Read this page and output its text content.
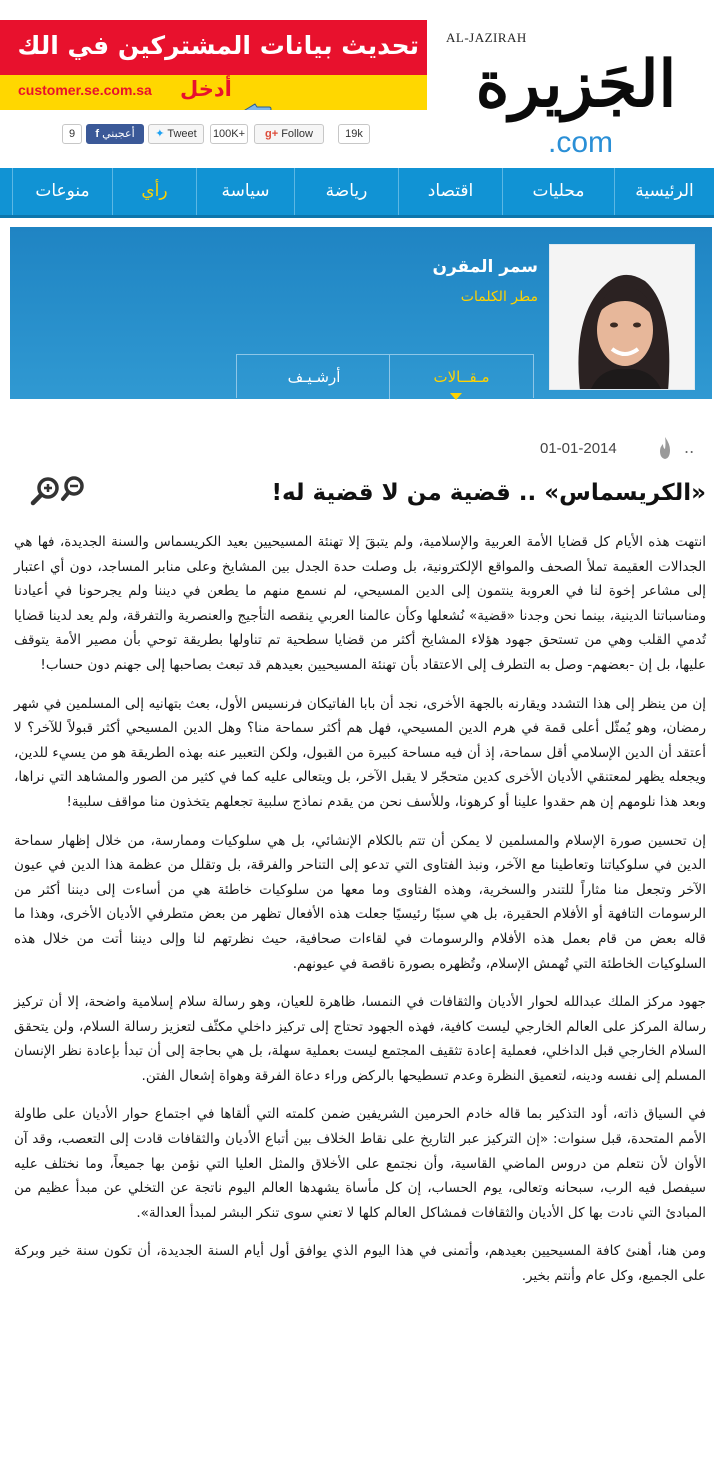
تحديث بيانات المشتركين في الك
customer.se.com.sa أدخل
AL-JAZIRAH
الجَزيرة
.com
9	f أعجبني	✦ Tweet	100K+	g+ Follow	19k
الرئيسية
محليات
اقتصاد
رياضة
سياسة
رأي
منوعات
سمر المقرن
مطر الكلمات
مـقــالات
أرشـيـف
01-01-2014	..
«الكريسماس» .. قضية من لا قضية له!

انتهت هذه الأيام كل قضايا الأمة العربية والإسلامية، ولم يتبقَ إلا تهنئة المسيحيين بعيد الكريسماس والسنة الجديدة، فها هي الجدالات العقيمة تملأ الصحف والمواقع الإلكترونية، بل وصلت حدة الجدل بين المشايخ وعلى منابر المساجد، دون أي اعتبار إلى مشاعر إخوة لنا في العروبة ينتمون إلى الدين المسيحي، لم نسمع منهم ما يطعن في ديننا ولم يجرحونا في أعيادنا ومناسباتنا الدينية، بينما نحن وجدنا «قضية» نُشعلها وكأن عالمنا العربي ينقصه التأجيج والعنصرية والتفرقة، ولم يعد لدينا قضايا تُدمي القلب وهي من تستحق جهود هؤلاء المشايخ أكثر من قضايا سطحية تم تناولها بطريقة توحي بأن مصير الأمة يتوقف عليها، بل إن -بعضهم- وصل به التطرف إلى الاعتقاد بأن تهنئة المسيحيين بعيدهم قد تبعث بصاحبها إلى جهنم دون حساب!

إن من ينظر إلى هذا التشدد ويقارنه بالجهة الأخرى، نجد أن بابا الفاتيكان فرنسيس الأول، بعث بتهانيه إلى المسلمين في شهر رمضان، وهو يُمثّل أعلى قمة في هرم الدين المسيحي، فهل هم أكثر سماحة منا؟ وهل الدين المسيحي أكثر قبولاً للآخر؟ لا أعتقد أن الدين الإسلامي أقل سماحة، إذ أن فيه مساحة كبيرة من القبول، ولكن التعبير عنه بهذه الطريقة هو من يسيء للدين، ويجعله يظهر لمعتنقي الأديان الأخرى كدين متحجّر لا يقبل الآخر، بل ويتعالى عليه كما في كثير من الصور والمشاهد التي نراها، وبعد هذا نلومهم إن هم حقدوا علينا أو كرهونا، وللأسف نحن من يقدم نماذج سلبية تجعلهم يتخذون منا مواقف سلبية!

إن تحسين صورة الإسلام والمسلمين لا يمكن أن تتم بالكلام الإنشائي، بل هي سلوكيات وممارسة، من خلال إظهار سماحة الدين في سلوكياتنا وتعاطينا مع الآخر، ونبذ الفتاوى التي تدعو إلى التناحر والفرقة، بل وتقلل من عظمة هذا الدين في عيون الآخر وتجعل منا مثاراً للتندر والسخرية، وهذه الفتاوى وما معها من سلوكيات خاطئة هي من أساءت إلى ديننا أكثر من الرسومات التافهة أو الأفلام الحقيرة، بل هي سببًا رئيسيًا جعلت هذه الأفعال تظهر من بعض متطرفي الأديان الأخرى، وهذا ما قاله بعض من قام بعمل هذه الأفلام والرسومات في لقاءات صحافية، حيث نظرتهم لنا وإلى ديننا أتت من خلال هذه السلوكيات الخاطئة التي تُهمش الإسلام، وتُظهره بصورة ناقصة في عيونهم.

جهود مركز الملك عبدالله لحوار الأديان والثقافات في النمسا، ظاهرة للعيان، وهو رسالة سلام إسلامية واضحة، إلا أن تركيز رسالة المركز على العالم الخارجي ليست كافية، فهذه الجهود تحتاج إلى تركيز داخلي مكثّف لتعزيز رسالة السلام، ولن يتحقق السلام الخارجي قبل الداخلي، فعملية إعادة تثقيف المجتمع ليست بعملية سهلة، بل هي بحاجة إلى أن تبدأ بإعادة نظر الإنسان المسلم إلى نفسه ودينه، لتعميق النظرة وعدم تسطيحها بالركض وراء دعاة الفرقة وهواة إشعال الفتن.

في السياق ذاته، أود التذكير بما قاله خادم الحرمين الشريفين ضمن كلمته التي ألقاها في اجتماع حوار الأديان على طاولة الأمم المتحدة، قبل سنوات: «إن التركيز عبر التاريخ على نقاط الخلاف بين أتباع الأديان والثقافات قادت إلى التعصب، وقد آن الأوان لأن نتعلم من دروس الماضي القاسية، وأن نجتمع على الأخلاق والمثل العليا التي نؤمن بها جميعاً، وما نختلف عليه سيفصل فيه الرب، سبحانه وتعالى، يوم الحساب، إن كل مأساة يشهدها العالم اليوم ناتجة عن التخلي عن مبدأ عظيم من المبادئ التي نادت بها كل الأديان والثقافات فمشاكل العالم كلها لا تعني سوى تنكر البشر لمبدأ العدالة».

ومن هنا، أهنئ كافة المسيحيين بعيدهم، وأتمنى في هذا اليوم الذي يوافق أول أيام السنة الجديدة، أن تكون سنة خير وبركة على الجميع، وكل عام وأنتم بخير.
